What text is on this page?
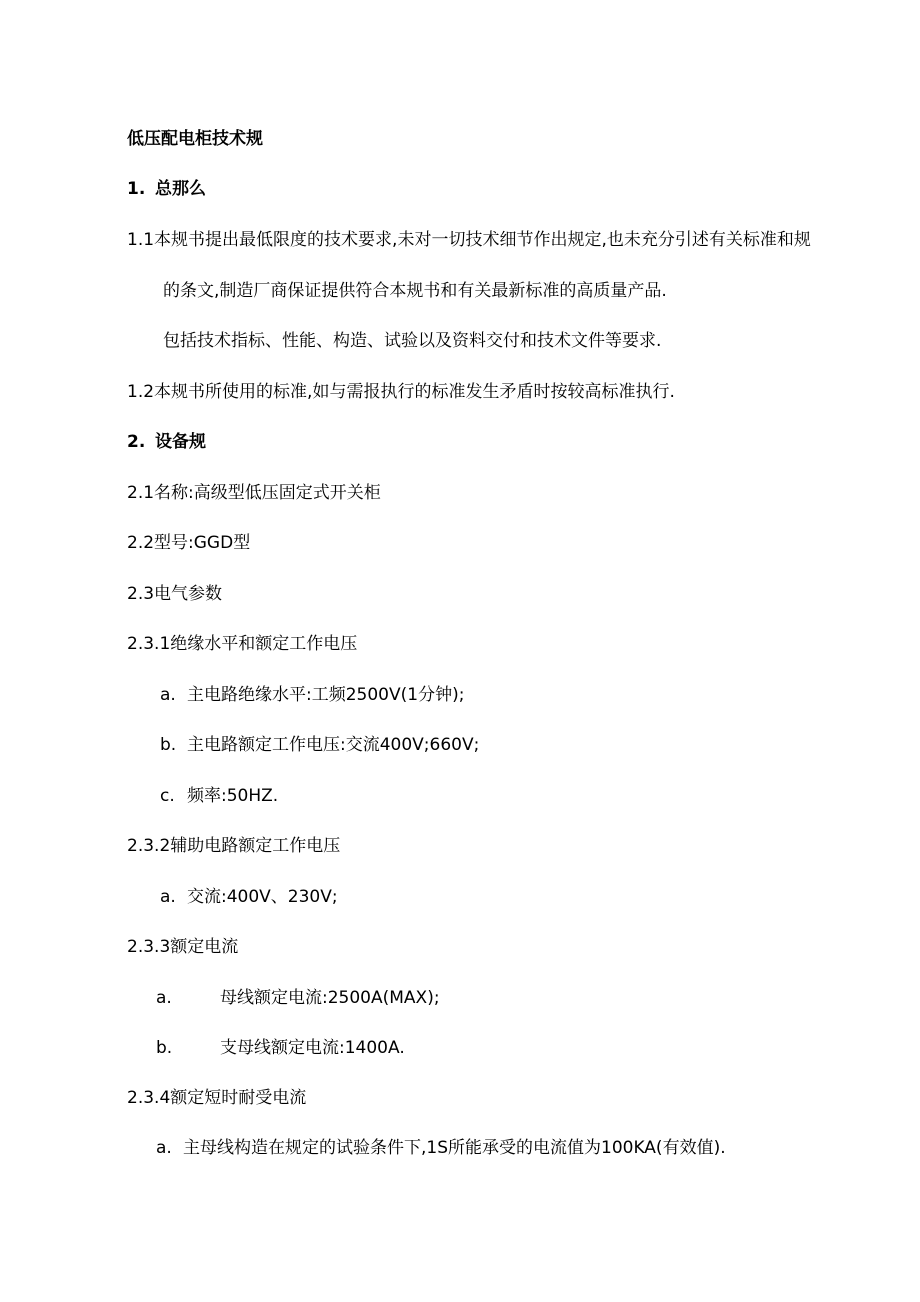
低压配电柜技术规
1. 总那么
1.1本规书提出最低限度的技术要求,未对一切技术细节作出规定,也未充分引述有关标准和规
的条文,制造厂商保证提供符合本规书和有关最新标准的高质量产品.
包括技术指标、性能、构造、试验以及资料交付和技术文件等要求.
1.2本规书所使用的标准,如与需报执行的标准发生矛盾时按较高标准执行.
2. 设备规
2.1名称:高级型低压固定式开关柜
2.2型号:GGD型
2.3电气参数
2.3.1绝缘水平和额定工作电压
a. 主电路绝缘水平:工频2500V(1分钟);
b. 主电路额定工作电压:交流400V;660V;
c. 频率:50HZ.
2.3.2辅助电路额定工作电压
a. 交流:400V、230V;
2.3.3额定电流
a.	母线额定电流:2500A(MAX);
b.	支母线额定电流:1400A.
2.3.4额定短时耐受电流
a. 主母线构造在规定的试验条件下,1S所能承受的电流值为100KA(有效值).
